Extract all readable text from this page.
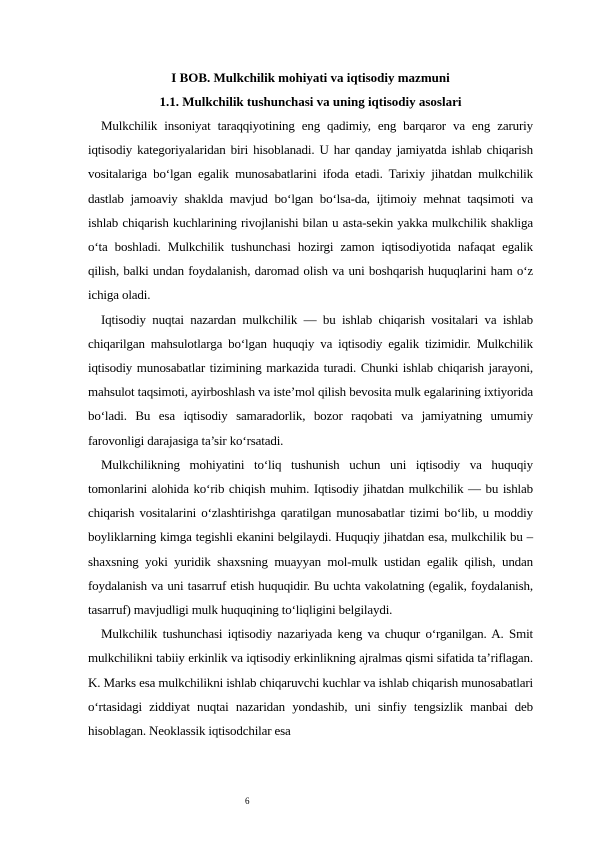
I BOB. Mulkchilik mohiyati va iqtisodiy mazmuni

1.1. Mulkchilik tushunchasi va uning iqtisodiy asoslari

Mulkchilik insoniyat taraqqiyotining eng qadimiy, eng barqaror va eng zaruriy iqtisodiy kategoriyalaridan biri hisoblanadi. U har qanday jamiyatda ishlab chiqarish vositalariga bo‘lgan egalik munosabatlarini ifoda etadi. Tarixiy jihatdan mulkchilik dastlab jamoaviy shaklda mavjud bo‘lgan bo‘lsa-da, ijtimoiy mehnat taqsimoti va ishlab chiqarish kuchlarining rivojlanishi bilan u asta-sekin yakka mulkchilik shakliga o‘ta boshladi. Mulkchilik tushunchasi hozirgi zamon iqtisodiyotida nafaqat egalik qilish, balki undan foydalanish, daromad olish va uni boshqarish huquqlarini ham o‘z ichiga oladi.

Iqtisodiy nuqtai nazardan mulkchilik — bu ishlab chiqarish vositalari va ishlab chiqarilgan mahsulotlarga bo‘lgan huquqiy va iqtisodiy egalik tizimidir. Mulkchilik iqtisodiy munosabatlar tizimining markazida turadi. Chunki ishlab chiqarish jarayoni, mahsulot taqsimoti, ayirboshlash va iste’mol qilish bevosita mulk egalarining ixtiyorida bo‘ladi. Bu esa iqtisodiy samaradorlik, bozor raqobati va jamiyatning umumiy farovonligi darajasiga ta’sir ko‘rsatadi.

Mulkchilikning mohiyatini to‘liq tushunish uchun uni iqtisodiy va huquqiy tomonlarini alohida ko‘rib chiqish muhim. Iqtisodiy jihatdan mulkchilik — bu ishlab chiqarish vositalarini o‘zlashtirishga qaratilgan munosabatlar tizimi bo‘lib, u moddiy boyliklarning kimga tegishli ekanini belgilaydi. Huquqiy jihatdan esa, mulkchilik bu – shaxsning yoki yuridik shaxsning muayyan mol-mulk ustidan egalik qilish, undan foydalanish va uni tasarruf etish huquqidir. Bu uchta vakolatning (egalik, foydalanish, tasarruf) mavjudligi mulk huquqining to‘liqligini belgilaydi.

Mulkchilik tushunchasi iqtisodiy nazariyada keng va chuqur o‘rganilgan. A. Smit mulkchilikni tabiiy erkinlik va iqtisodiy erkinlikning ajralmas qismi sifatida ta’riflagan. K. Marks esa mulkchilikni ishlab chiqaruvchi kuchlar va ishlab chiqarish munosabatlari o‘rtasidagi ziddiyat nuqtai nazaridan yondashib, uni sinfiy tengsizlik manbai deb hisoblagan. Neoklassik iqtisodchilar esa

6
